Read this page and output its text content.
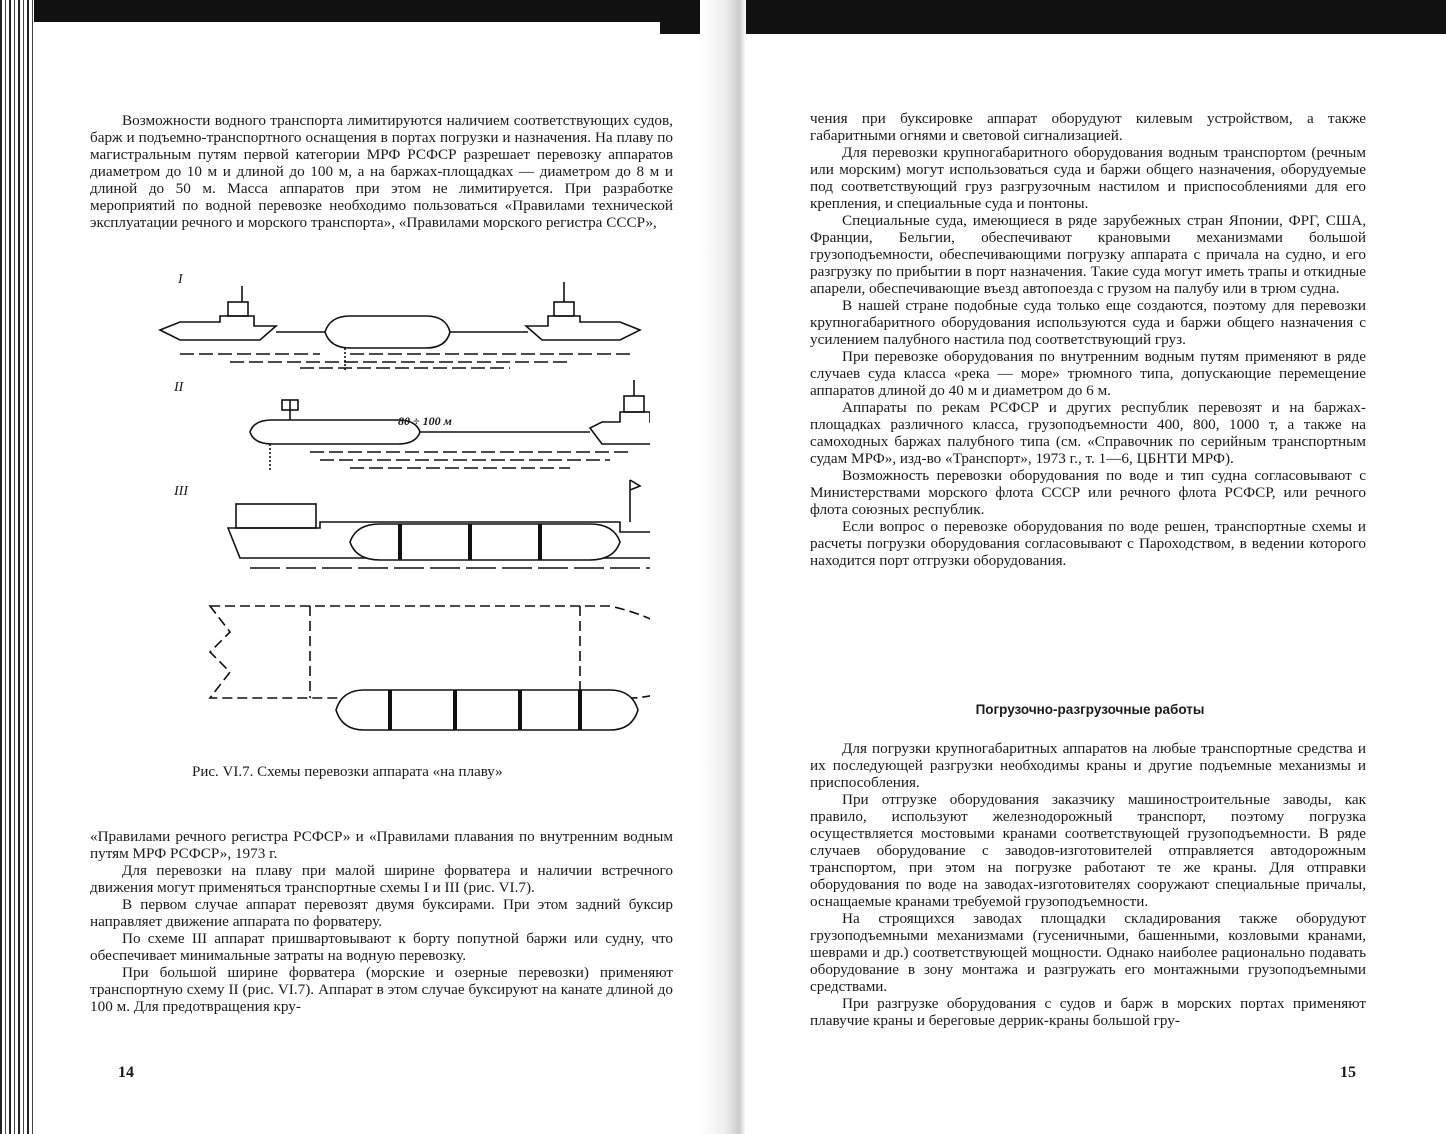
Возможности водного транспорта лимитируются наличием соответствующих судов, барж и подъемно-транспортного оснащения в портах погрузки и назначения. На плаву по магистральным путям первой категории МРФ РСФСР разрешает перевозку аппаратов диаметром до 10 м и длиной до 100 м, а на баржах-площадках — диаметром до 8 м и длиной до 50 м. Масса аппаратов при этом не лимитируется. При разработке мероприятий по водной перевозке необходимо пользоваться «Правилами технической эксплуатации речного и морского транспорта», «Правилами морского регистра СССР»,

I
II
III
80 ÷ 100 м
Рис. VI.7. Схемы перевозки аппарата «на плаву»

«Правилами речного регистра РСФСР» и «Правилами плавания по внутренним водным путям МРФ РСФСР», 1973 г.

Для перевозки на плаву при малой ширине форватера и наличии встречного движения могут применяться транспортные схемы I и III (рис. VI.7).

В первом случае аппарат перевозят двумя буксирами. При этом задний буксир направляет движение аппарата по форватеру.

По схеме III аппарат пришвартовывают к борту попутной баржи или судну, что обеспечивает минимальные затраты на водную перевозку.

При большой ширине форватера (морские и озерные перевозки) применяют транспортную схему II (рис. VI.7). Аппарат в этом случае буксируют на канате длиной до 100 м. Для предотвращения кру-

14

чения при буксировке аппарат оборудуют килевым устройством, а также габаритными огнями и световой сигнализацией.

Для перевозки крупногабаритного оборудования водным транспортом (речным или морским) могут использоваться суда и баржи общего назначения, оборудуемые под соответствующий груз разгрузочным настилом и приспособлениями для его крепления, и специальные суда и понтоны.

Специальные суда, имеющиеся в ряде зарубежных стран Японии, ФРГ, США, Франции, Бельгии, обеспечивают крановыми механизмами большой грузоподъемности, обеспечивающими погрузку аппарата с причала на судно, и его разгрузку по прибытии в порт назначения. Такие суда могут иметь трапы и откидные апарели, обеспечивающие въезд автопоезда с грузом на палубу или в трюм судна.

В нашей стране подобные суда только еще создаются, поэтому для перевозки крупногабаритного оборудования используются суда и баржи общего назначения с усилением палубного настила под соответствующий груз.

При перевозке оборудования по внутренним водным путям применяют в ряде случаев суда класса «река — море» трюмного типа, допускающие перемещение аппаратов длиной до 40 м и диаметром до 6 м.

Аппараты по рекам РСФСР и других республик перевозят и на баржах-площадках различного класса, грузоподъемности 400, 800, 1000 т, а также на самоходных баржах палубного типа (см. «Справочник по серийным транспортным судам МРФ», изд-во «Транспорт», 1973 г., т. 1—6, ЦБНТИ МРФ).

Возможность перевозки оборудования по воде и тип судна согласовывают с Министерствами морского флота СССР или речного флота РСФСР, или речного флота союзных республик.

Если вопрос о перевозке оборудования по воде решен, транспортные схемы и расчеты погрузки оборудования согласовывают с Пароходством, в ведении которого находится порт отгрузки оборудования.

Погрузочно-разгрузочные работы

Для погрузки крупногабаритных аппаратов на любые транспортные средства и их последующей разгрузки необходимы краны и другие подъемные механизмы и приспособления.

При отгрузке оборудования заказчику машиностроительные заводы, как правило, используют железнодорожный транспорт, поэтому погрузка осуществляется мостовыми кранами соответствующей грузоподъемности. В ряде случаев оборудование с заводов-изготовителей отправляется автодорожным транспортом, при этом на погрузке работают те же краны. Для отправки оборудования по воде на заводах-изготовителях сооружают специальные причалы, оснащаемые кранами требуемой грузоподъемности.

На строящихся заводах площадки складирования также оборудуют грузоподъемными механизмами (гусеничными, башенными, козловыми кранами, шеврами и др.) соответствующей мощности. Однако наиболее рационально подавать оборудование в зону монтажа и разгружать его монтажными грузоподъемными средствами.

При разгрузке оборудования с судов и барж в морских портах применяют плавучие краны и береговые деррик-краны большой гру-

15
